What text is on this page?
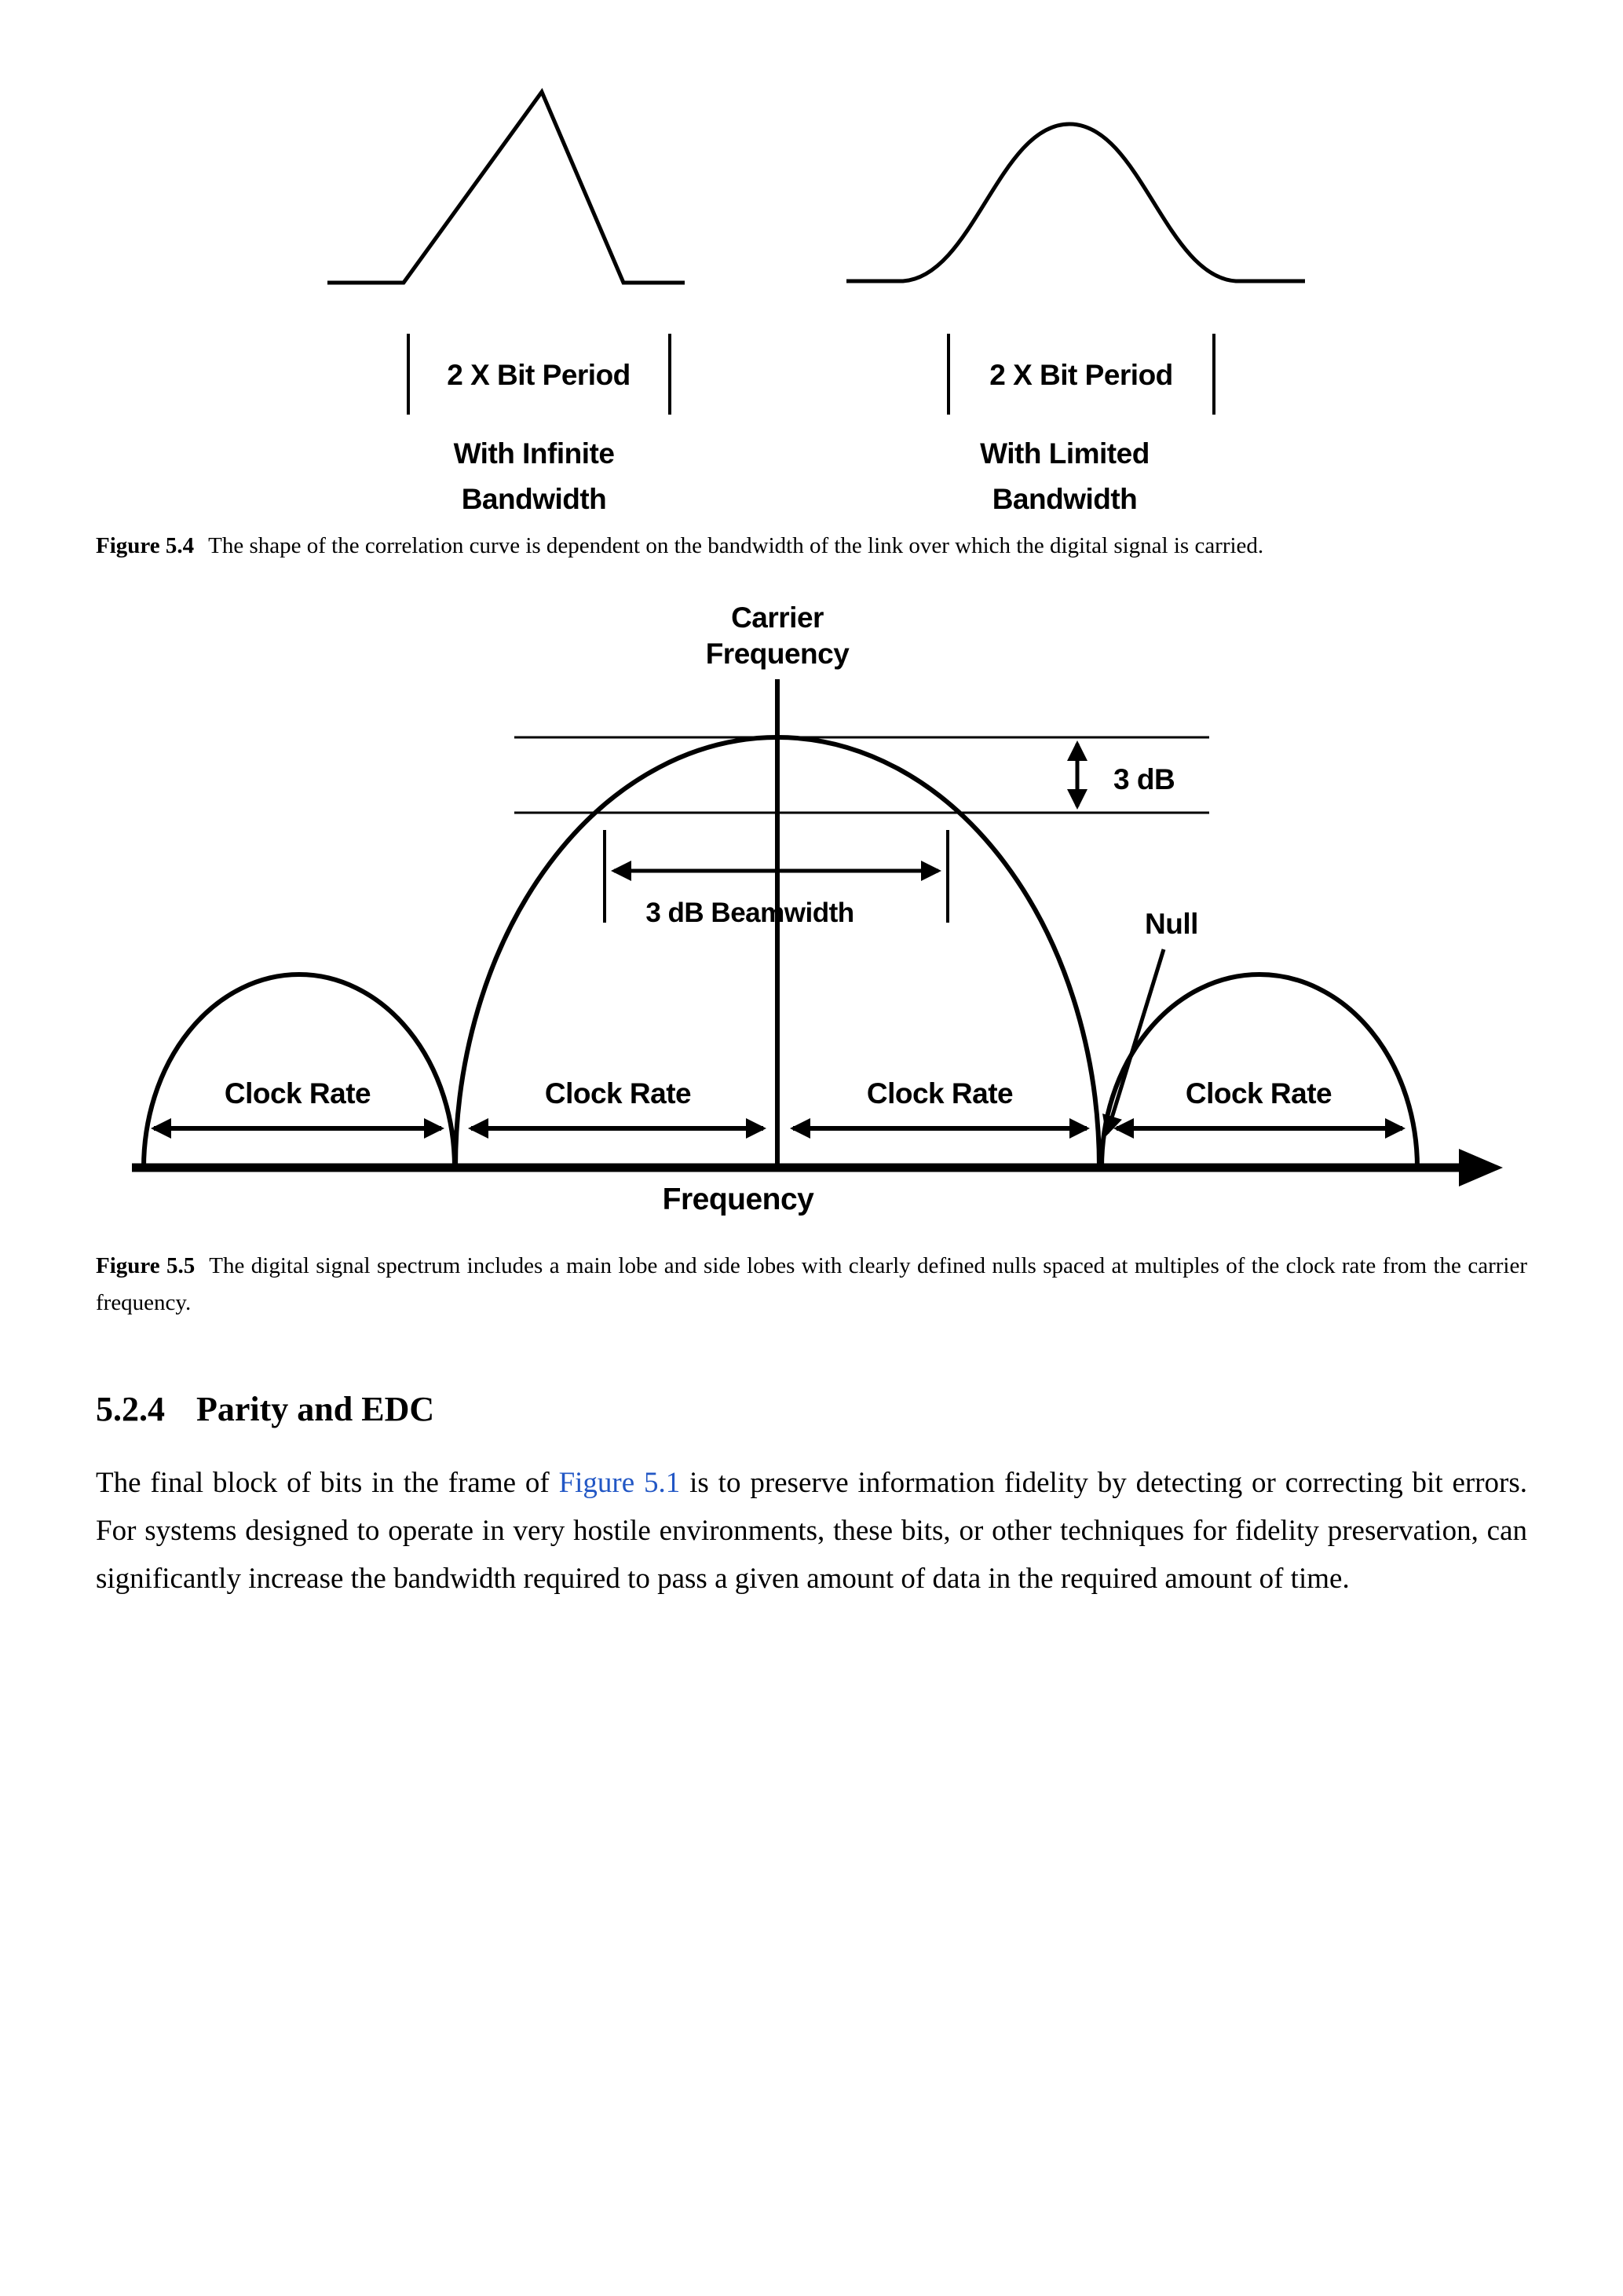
2 X Bit Period	2 X Bit Period
With Infinite
Bandwidth
With Limited
Bandwidth

Figure 5.4 The shape of the correlation curve is dependent on the bandwidth of the link over which the digital signal is carried.

Carrier
Frequency
3 dB
3 dB Beamwidth	Null
Clock Rate	Clock Rate	Clock Rate	Clock Rate
Frequency

Figure 5.5 The digital signal spectrum includes a main lobe and side lobes with clearly defined nulls spaced at multiples of the clock rate from the carrier frequency.

5.2.4 Parity and EDC

The final block of bits in the frame of Figure 5.1 is to preserve information fidelity by detecting or correcting bit errors. For systems designed to operate in very hostile environments, these bits, or other techniques for fidelity preservation, can significantly increase the bandwidth required to pass a given amount of data in the required amount of time.
